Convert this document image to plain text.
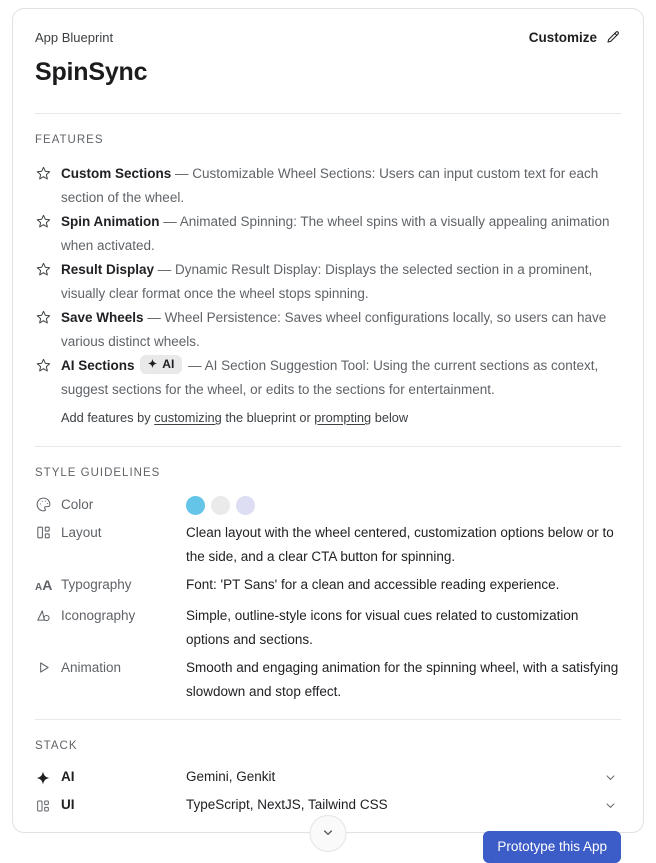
App Blueprint	Customize
SpinSync
FEATURES
Custom Sections — Customizable Wheel Sections: Users can input custom text for each section of the wheel.
Spin Animation — Animated Spinning: The wheel spins with a visually appealing animation when activated.
Result Display — Dynamic Result Display: Displays the selected section in a prominent, visually clear format once the wheel stops spinning.
Save Wheels — Wheel Persistence: Saves wheel configurations locally, so users can have various distinct wheels.
AI Sections AI — AI Section Suggestion Tool: Using the current sections as context, suggest sections for the wheel, or edits to the sections for entertainment.
Add features by customizing the blueprint or prompting below
STYLE GUIDELINES
Color
Layout	Clean layout with the wheel centered, customization options below or to the side, and a clear CTA button for spinning.
AA Typography	Font: 'PT Sans' for a clean and accessible reading experience.
Iconography	Simple, outline-style icons for visual cues related to customization options and sections.
Animation	Smooth and engaging animation for the spinning wheel, with a satisfying slowdown and stop effect.
STACK
AI	Gemini, Genkit
UI	TypeScript, NextJS, Tailwind CSS
Prototype this App
